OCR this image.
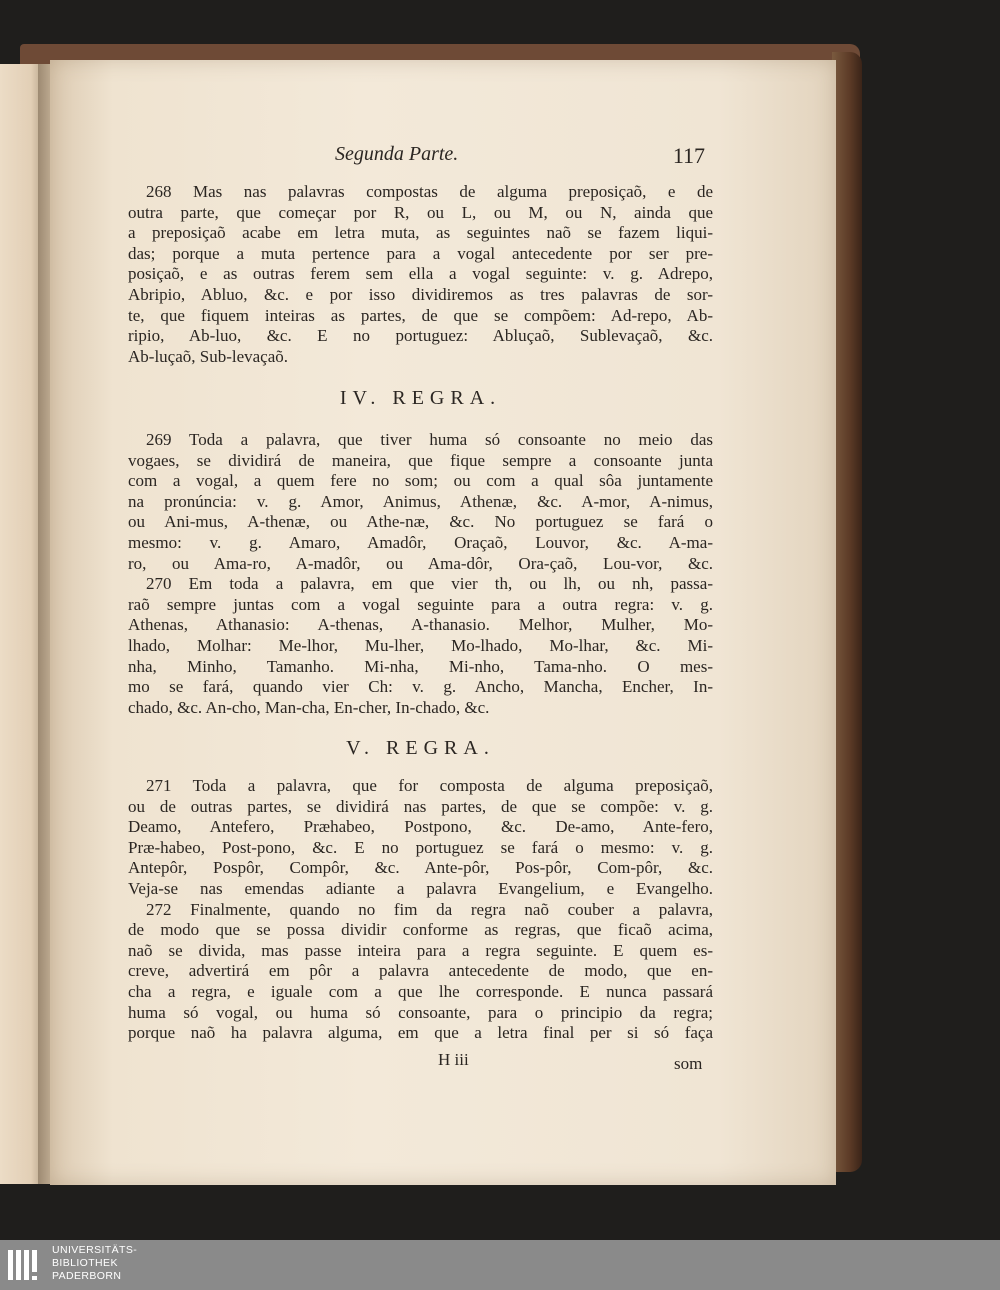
Segunda Parte.	117
268 Mas nas palavras compostas de alguma preposiçaõ, e de
outra parte, que começar por R, ou L, ou M, ou N, ainda que
a preposiçaõ acabe em letra muta, as seguintes naõ se fazem liqui-
das; porque a muta pertence para a vogal antecedente por ser pre-
posiçaõ, e as outras ferem sem ella a vogal seguinte: v. g. Adrepo,
Abripio, Abluo, &c. e por isso dividiremos as tres palavras de sor-
te, que fiquem inteiras as partes, de que se compõem: Ad-repo, Ab-
ripio, Ab-luo, &c. E no portuguez: Abluçaõ, Sublevaçaõ, &c.
Ab-luçaõ, Sub-levaçaõ.
IV. REGRA.
269 Toda a palavra, que tiver huma só consoante no meio das
vogaes, se dividirá de maneira, que fique sempre a consoante junta
com a vogal, a quem fere no som; ou com a qual sôa juntamente
na pronúncia: v. g. Amor, Animus, Athenæ, &c. A-mor, A-nimus,
ou Ani-mus, A-thenæ, ou Athe-næ, &c. No portuguez se fará o
mesmo: v. g. Amaro, Amadôr, Oraçaõ, Louvor, &c. A-ma-
ro, ou Ama-ro, A-madôr, ou Ama-dôr, Ora-çaõ, Lou-vor, &c.
270 Em toda a palavra, em que vier th, ou lh, ou nh, passa-
raõ sempre juntas com a vogal seguinte para a outra regra: v. g.
Athenas, Athanasio: A-thenas, A-thanasio. Melhor, Mulher, Mo-
lhado, Molhar: Me-lhor, Mu-lher, Mo-lhado, Mo-lhar, &c. Mi-
nha, Minho, Tamanho. Mi-nha, Mi-nho, Tama-nho. O mes-
mo se fará, quando vier Ch: v. g. Ancho, Mancha, Encher, In-
chado, &c. An-cho, Man-cha, En-cher, In-chado, &c.
V. REGRA.
271 Toda a palavra, que for composta de alguma preposiçaõ,
ou de outras partes, se dividirá nas partes, de que se compõe: v. g.
Deamo, Antefero, Præhabeo, Postpono, &c. De-amo, Ante-fero,
Præ-habeo, Post-pono, &c. E no portuguez se fará o mesmo: v. g.
Antepôr, Pospôr, Compôr, &c. Ante-pôr, Pos-pôr, Com-pôr, &c.
Veja-se nas emendas adiante a palavra Evangelium, e Evangelho.
272 Finalmente, quando no fim da regra naõ couber a palavra,
de modo que se possa dividir conforme as regras, que ficaõ acima,
naõ se divida, mas passe inteira para a regra seguinte. E quem es-
creve, advertirá em pôr a palavra antecedente de modo, que en-
cha a regra, e iguale com a que lhe corresponde. E nunca passará
huma só vogal, ou huma só consoante, para o principio da regra;
porque naõ ha palavra alguma, em que a letra final per si só faça
H iii	som
UNIVERSITÄTS-
BIBLIOTHEK
PADERBORN
